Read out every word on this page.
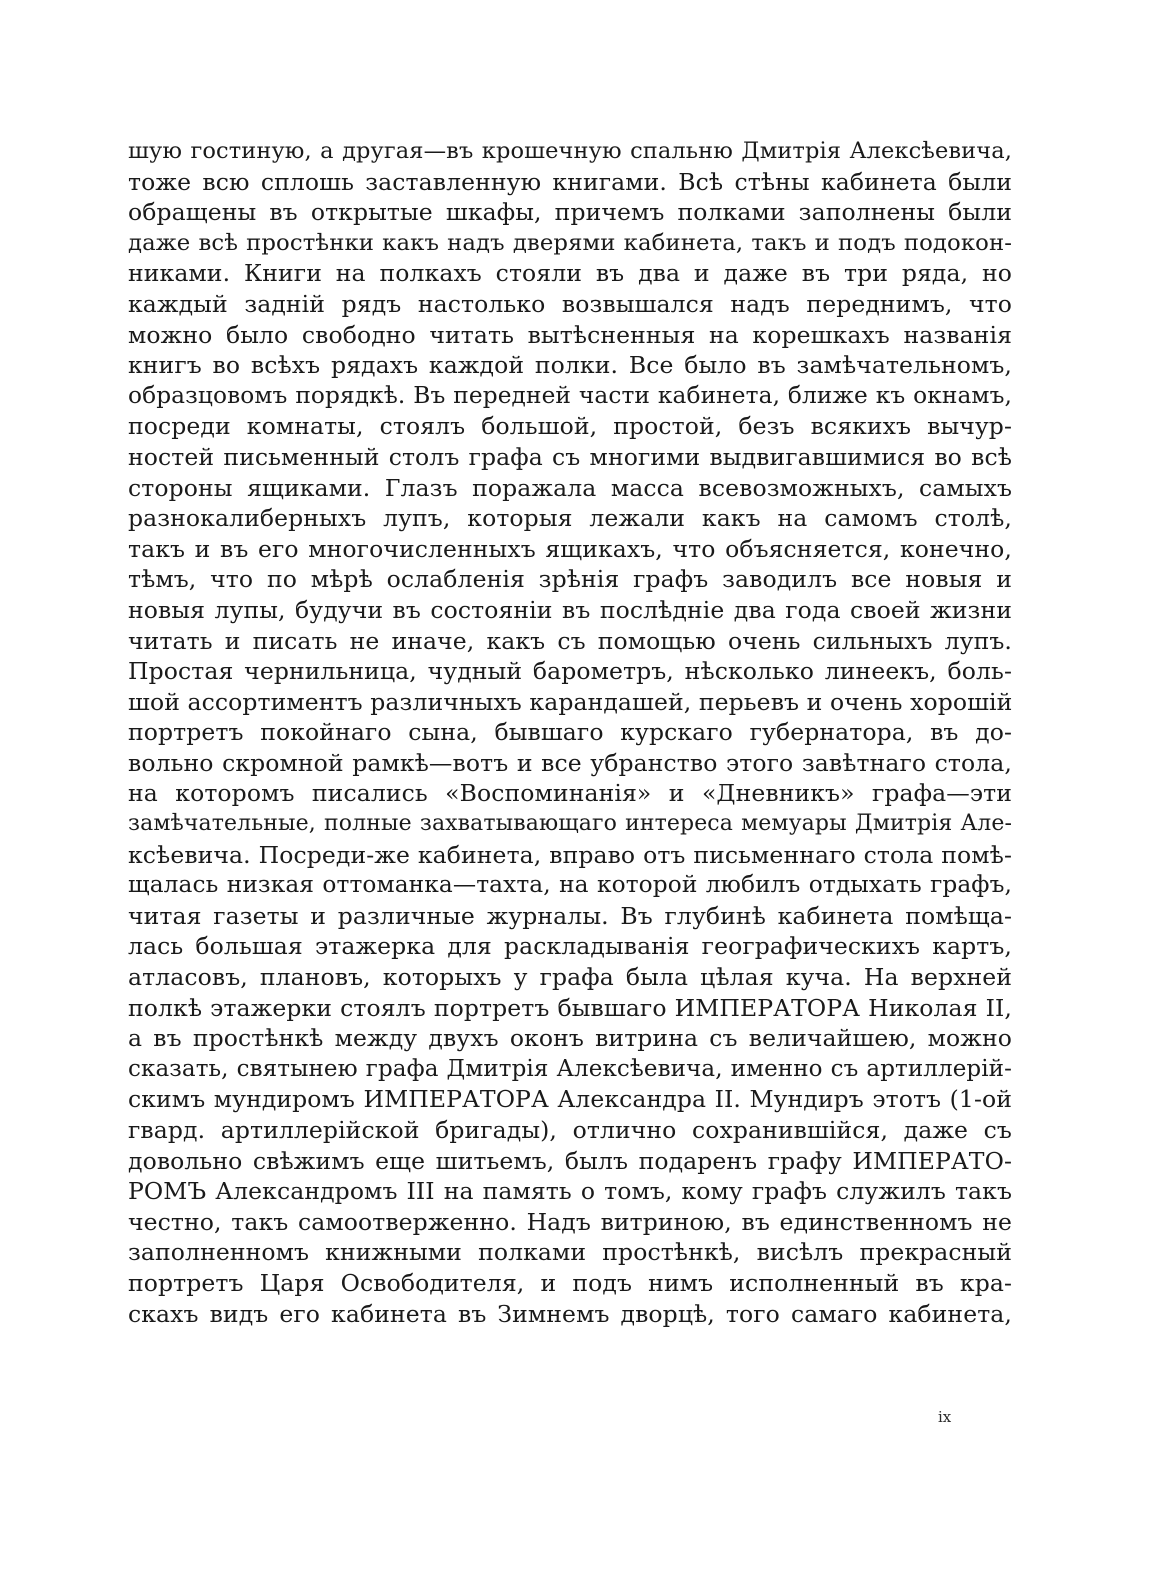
шую гостиную, а другая—въ крошечную спальню Дмитрія Алексѣевича,
тоже всю сплошь заставленную книгами. Всѣ стѣны кабинета были
обращены въ открытые шкафы, причемъ полками заполнены были
даже всѣ простѣнки какъ надъ дверями кабинета, такъ и подъ подокон-
никами. Книги на полкахъ стояли въ два и даже въ три ряда, но
каждый задній рядъ настолько возвышался надъ переднимъ, что
можно было свободно читать вытѣсненныя на корешкахъ названія
книгъ во всѣхъ рядахъ каждой полки. Все было въ замѣчательномъ,
образцовомъ порядкѣ. Въ передней части кабинета, ближе къ окнамъ,
посреди комнаты, стоялъ большой, простой, безъ всякихъ вычур-
ностей письменный столъ графа съ многими выдвигавшимися во всѣ
стороны ящиками. Глазъ поражала масса всевозможныхъ, самыхъ
разнокалиберныхъ лупъ, которыя лежали какъ на самомъ столѣ,
такъ и въ его многочисленныхъ ящикахъ, что объясняется, конечно,
тѣмъ, что по мѣрѣ ослабленія зрѣнія графъ заводилъ все новыя и
новыя лупы, будучи въ состояніи въ послѣдніе два года своей жизни
читать и писать не иначе, какъ съ помощью очень сильныхъ лупъ.
Простая чернильница, чудный барометръ, нѣсколько линеекъ, боль-
шой ассортиментъ различныхъ карандашей, перьевъ и очень хорошій
портретъ покойнаго сына, бывшаго курскаго губернатора, въ до-
вольно скромной рамкѣ—вотъ и все убранство этого завѣтнаго стола,
на которомъ писались «Воспоминанія» и «Дневникъ» графа—эти
замѣчательные, полные захватывающаго интереса мемуары Дмитрія Але-
ксѣевича. Посреди-же кабинета, вправо отъ письменнаго стола помѣ-
щалась низкая оттоманка—тахта, на которой любилъ отдыхать графъ,
читая газеты и различные журналы. Въ глубинѣ кабинета помѣща-
лась большая этажерка для раскладыванія географическихъ картъ,
атласовъ, плановъ, которыхъ у графа была цѣлая куча. На верхней
полкѣ этажерки стоялъ портретъ бывшаго ИМПЕРАТОРА Николая II,
а въ простѣнкѣ между двухъ оконъ витрина съ величайшею, можно
сказать, святынею графа Дмитрія Алексѣевича, именно съ артиллерій-
скимъ мундиромъ ИМПЕРАТОРА Александра II. Мундиръ этотъ (1-ой
гвард. артиллерійской бригады), отлично сохранившійся, даже съ
довольно свѣжимъ еще шитьемъ, былъ подаренъ графу ИМПЕРАТО-
РОМЪ Александромъ III на память о томъ, кому графъ служилъ такъ
честно, такъ самоотверженно. Надъ витриною, въ единственномъ не
заполненномъ книжными полками простѣнкѣ, висѣлъ прекрасный
портретъ Царя Освободителя, и подъ нимъ исполненный въ кра-
скахъ видъ его кабинета въ Зимнемъ дворцѣ, того самаго кабинета,
іх
